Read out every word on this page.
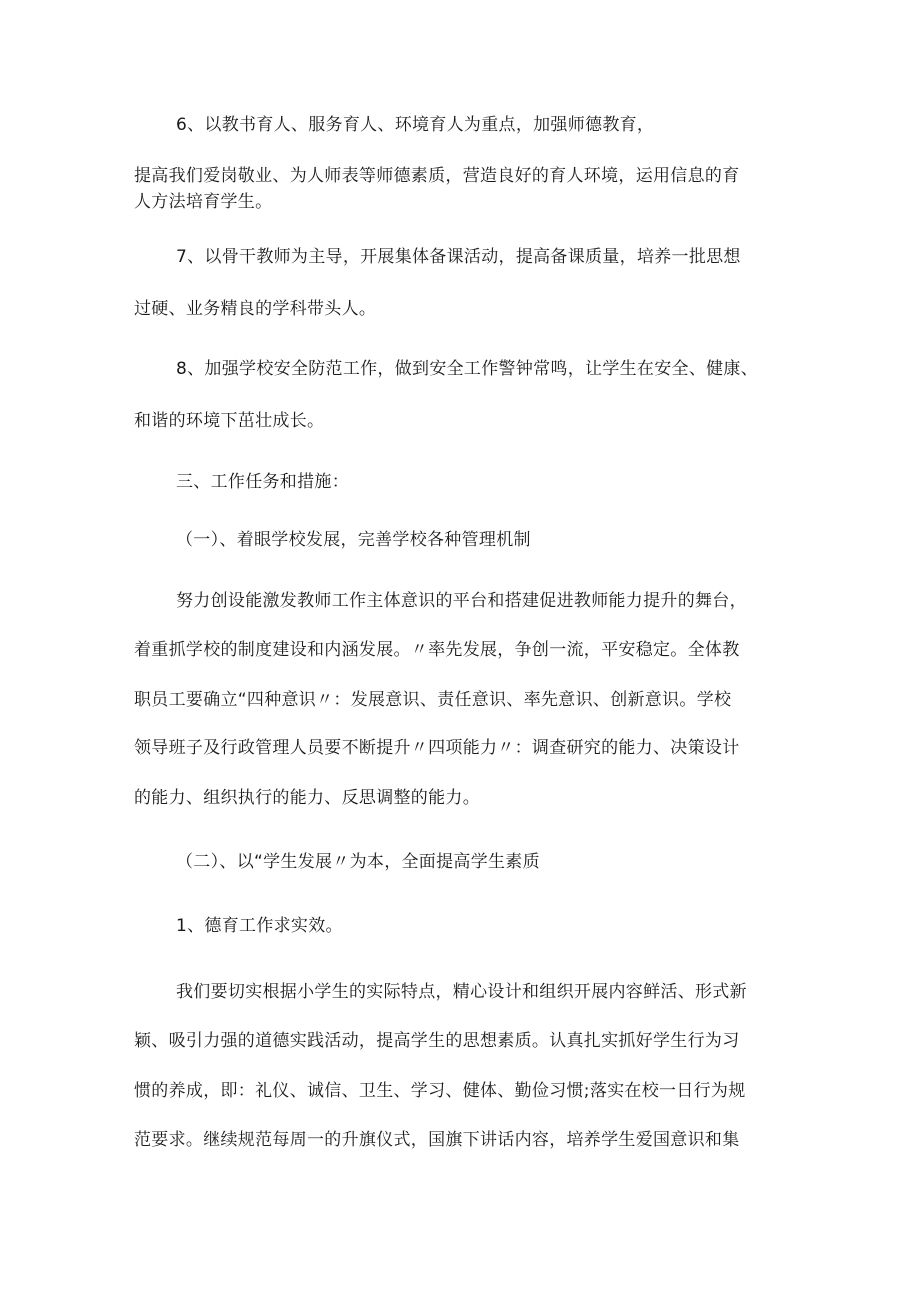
6、以教书育人、服务育人、环境育人为重点，加强师德教育，
提高我们爱岗敬业、为人师表等师德素质，营造良好的育人环境，运用信息的育
人方法培育学生。
7、以骨干教师为主导，开展集体备课活动，提高备课质量，培养一批思想
过硬、业务精良的学科带头人。
8、加强学校安全防范工作，做到安全工作警钟常鸣，让学生在安全、健康、
和谐的环境下茁壮成长。
三、工作任务和措施：
（一）、着眼学校发展，完善学校各种管理机制
努力创设能激发教师工作主体意识的平台和搭建促进教师能力提升的舞台，
着重抓学校的制度建设和内涵发展。〃率先发展，争创一流，平安稳定。全体教
职员工要确立“四种意识〃：发展意识、责任意识、率先意识、创新意识。学校
领导班子及行政管理人员要不断提升〃四项能力〃：调查研究的能力、决策设计
的能力、组织执行的能力、反思调整的能力。
（二）、以“学生发展〃为本，全面提高学生素质
1、德育工作求实效。
我们要切实根据小学生的实际特点，精心设计和组织开展内容鲜活、形式新
颖、吸引力强的道德实践活动，提高学生的思想素质。认真扎实抓好学生行为习
惯的养成，即：礼仪、诚信、卫生、学习、健体、勤俭习惯;落实在校一日行为规
范要求。继续规范每周一的升旗仪式，国旗下讲话内容，培养学生爱国意识和集
